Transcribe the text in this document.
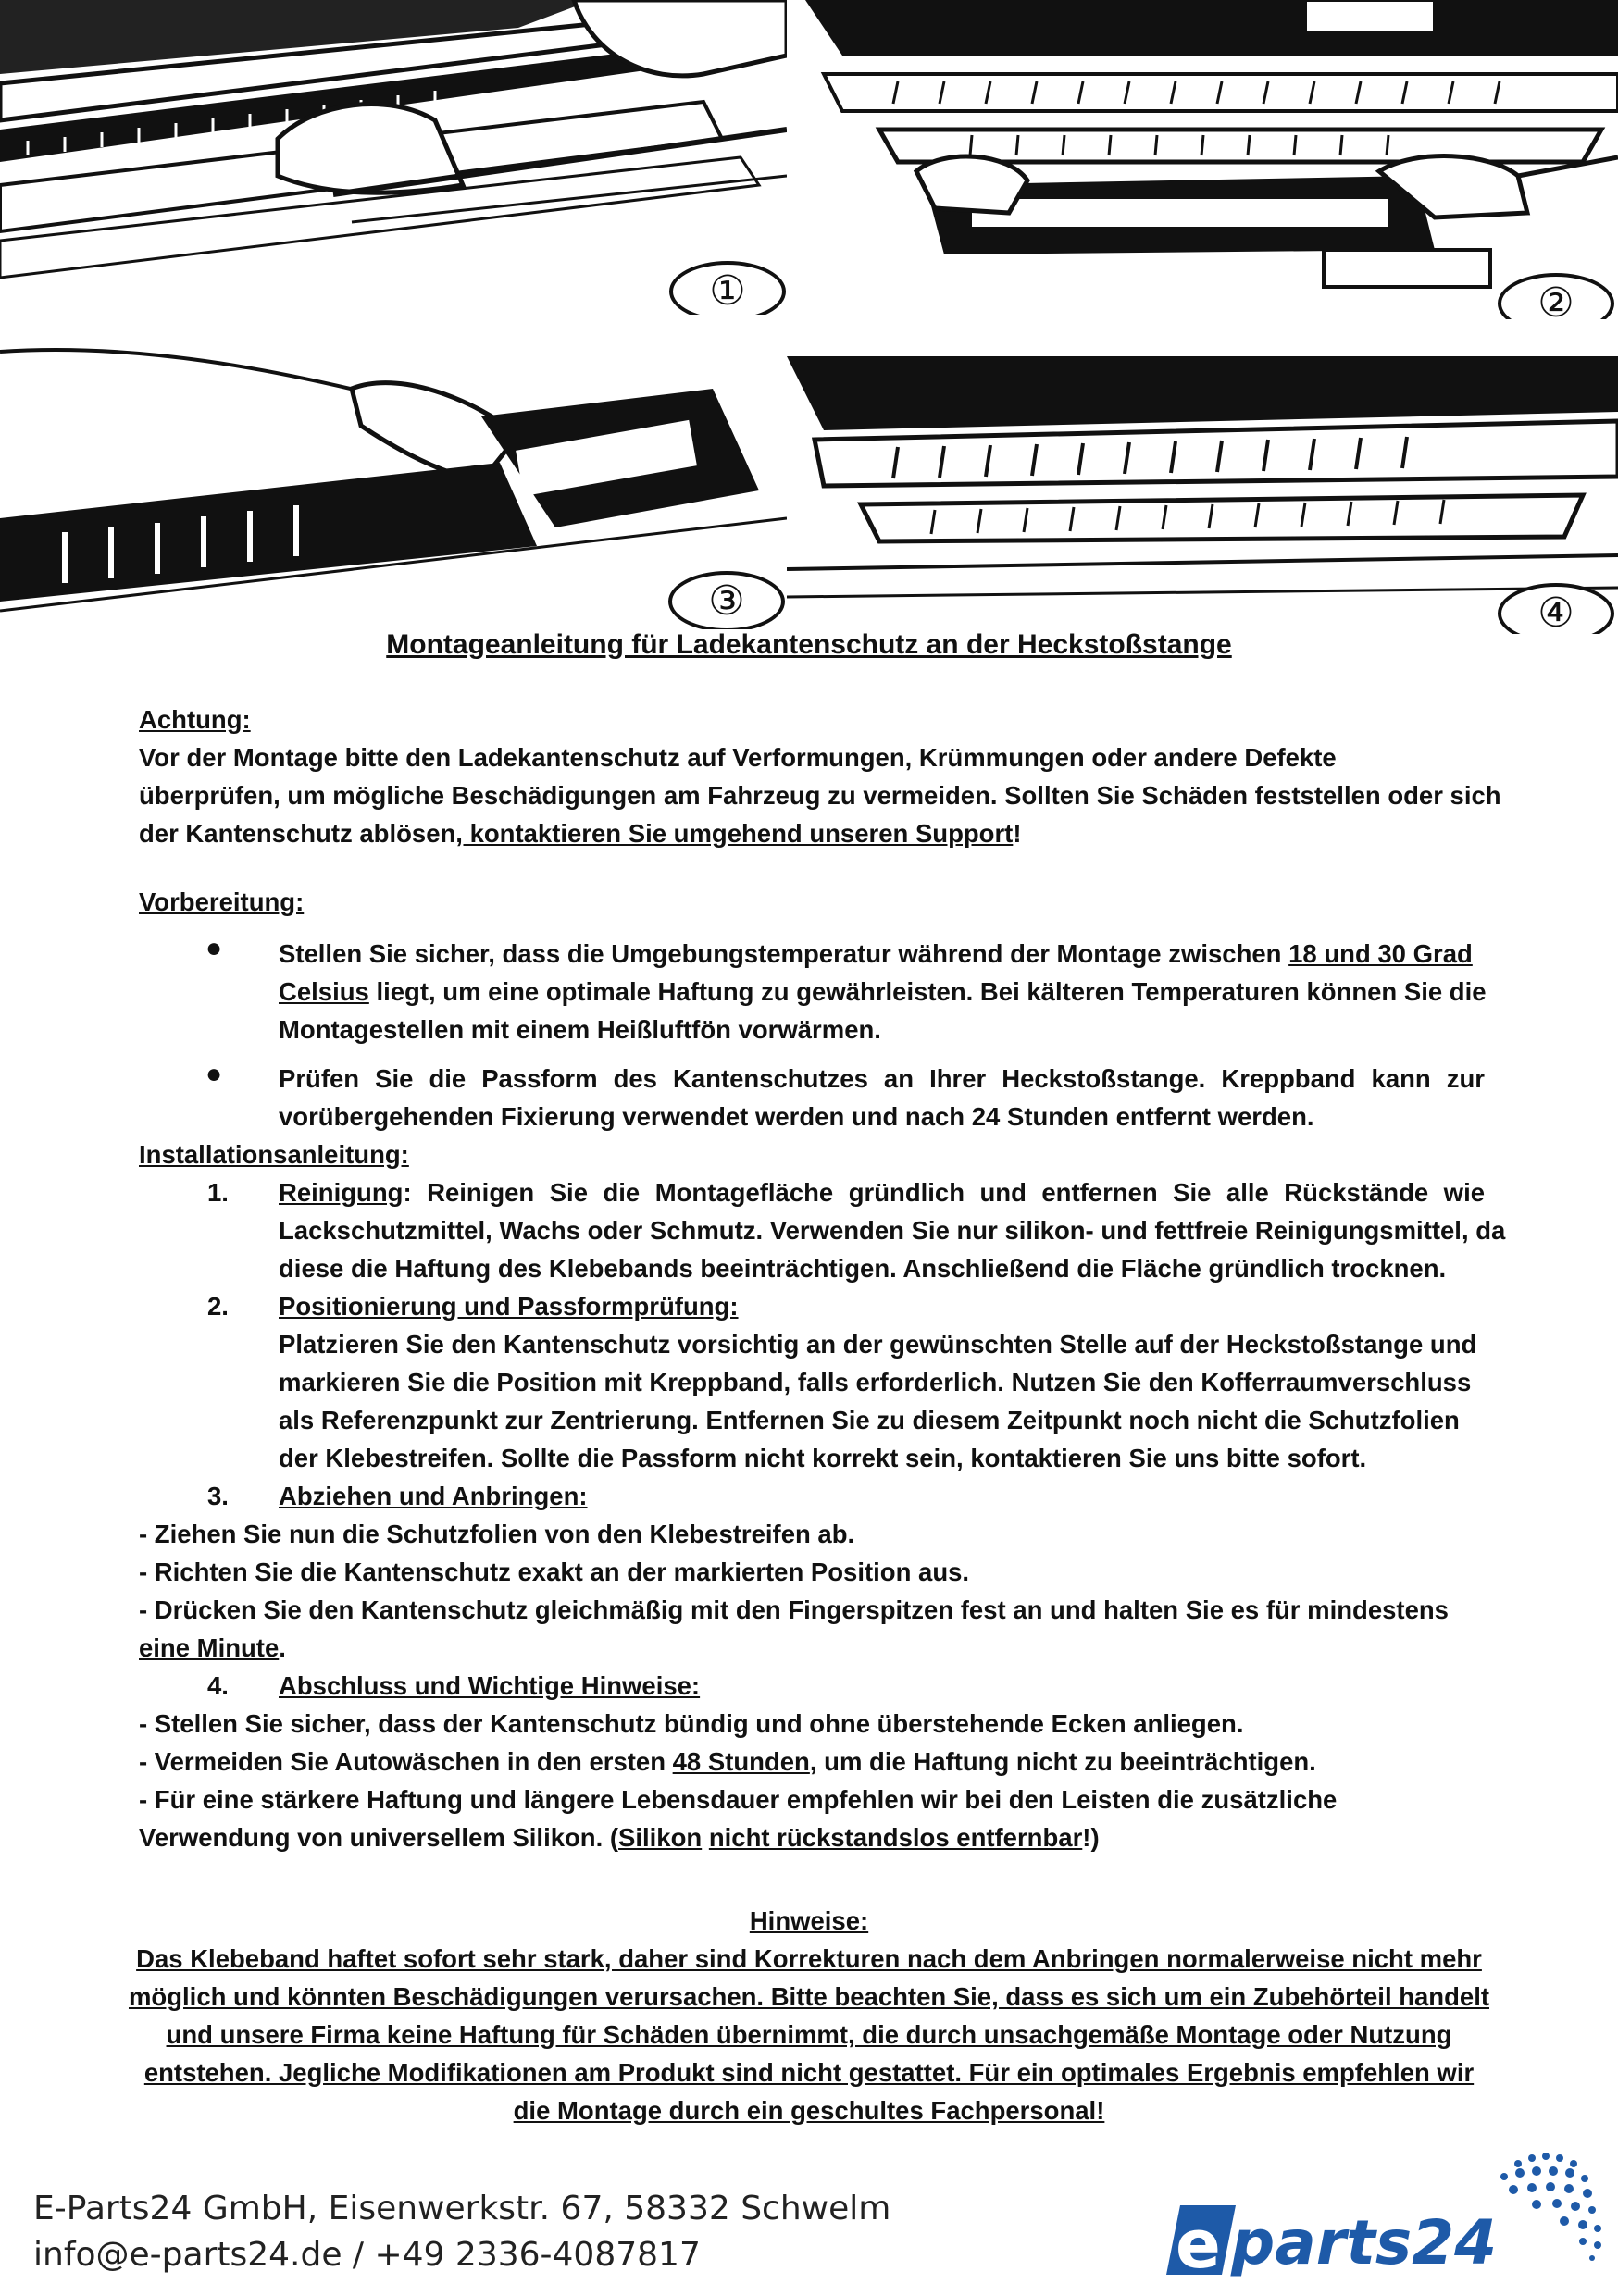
①	②
③	④
Montageanleitung für Ladekantenschutz an der Heckstoßstange
Achtung:
Vor der Montage bitte den Ladekantenschutz auf Verformungen, Krümmungen oder andere Defekte
überprüfen, um mögliche Beschädigungen am Fahrzeug zu vermeiden. Sollten Sie Schäden feststellen oder sich
der Kantenschutz ablösen, kontaktieren Sie umgehend unseren Support!
Vorbereitung:
● Stellen Sie sicher, dass die Umgebungstemperatur während der Montage zwischen 18 und 30 Grad
Celsius liegt, um eine optimale Haftung zu gewährleisten. Bei kälteren Temperaturen können Sie die
Montagestellen mit einem Heißluftfön vorwärmen.
● Prüfen Sie die Passform des Kantenschutzes an Ihrer Heckstoßstange. Kreppband kann zur
vorübergehenden Fixierung verwendet werden und nach 24 Stunden entfernt werden.
Installationsanleitung:
1. Reinigung: Reinigen Sie die Montagefläche gründlich und entfernen Sie alle Rückstände wie
Lackschutzmittel, Wachs oder Schmutz. Verwenden Sie nur silikon- und fettfreie Reinigungsmittel, da
diese die Haftung des Klebebands beeinträchtigen. Anschließend die Fläche gründlich trocknen.
2. Positionierung und Passformprüfung:
Platzieren Sie den Kantenschutz vorsichtig an der gewünschten Stelle auf der Heckstoßstange und
markieren Sie die Position mit Kreppband, falls erforderlich. Nutzen Sie den Kofferraumverschluss
als Referenzpunkt zur Zentrierung. Entfernen Sie zu diesem Zeitpunkt noch nicht die Schutzfolien
der Klebestreifen. Sollte die Passform nicht korrekt sein, kontaktieren Sie uns bitte sofort.
3. Abziehen und Anbringen:
- Ziehen Sie nun die Schutzfolien von den Klebestreifen ab.
- Richten Sie die Kantenschutz exakt an der markierten Position aus.
- Drücken Sie den Kantenschutz gleichmäßig mit den Fingerspitzen fest an und halten Sie es für mindestens
eine Minute.
4. Abschluss und Wichtige Hinweise:
- Stellen Sie sicher, dass der Kantenschutz bündig und ohne überstehende Ecken anliegen.
- Vermeiden Sie Autowäschen in den ersten 48 Stunden, um die Haftung nicht zu beeinträchtigen.
- Für eine stärkere Haftung und längere Lebensdauer empfehlen wir bei den Leisten die zusätzliche
Verwendung von universellem Silikon. (Silikon nicht rückstandslos entfernbar!)
Hinweise:
Das Klebeband haftet sofort sehr stark, daher sind Korrekturen nach dem Anbringen normalerweise nicht mehr
möglich und könnten Beschädigungen verursachen. Bitte beachten Sie, dass es sich um ein Zubehörteil handelt
und unsere Firma keine Haftung für Schäden übernimmt, die durch unsachgemäße Montage oder Nutzung
entstehen. Jegliche Modifikationen am Produkt sind nicht gestattet. Für ein optimales Ergebnis empfehlen wir
die Montage durch ein geschultes Fachpersonal!
E-Parts24 GmbH, Eisenwerkstr. 67, 58332 Schwelm
info@e-parts24.de / +49 2336-4087817	e parts24
